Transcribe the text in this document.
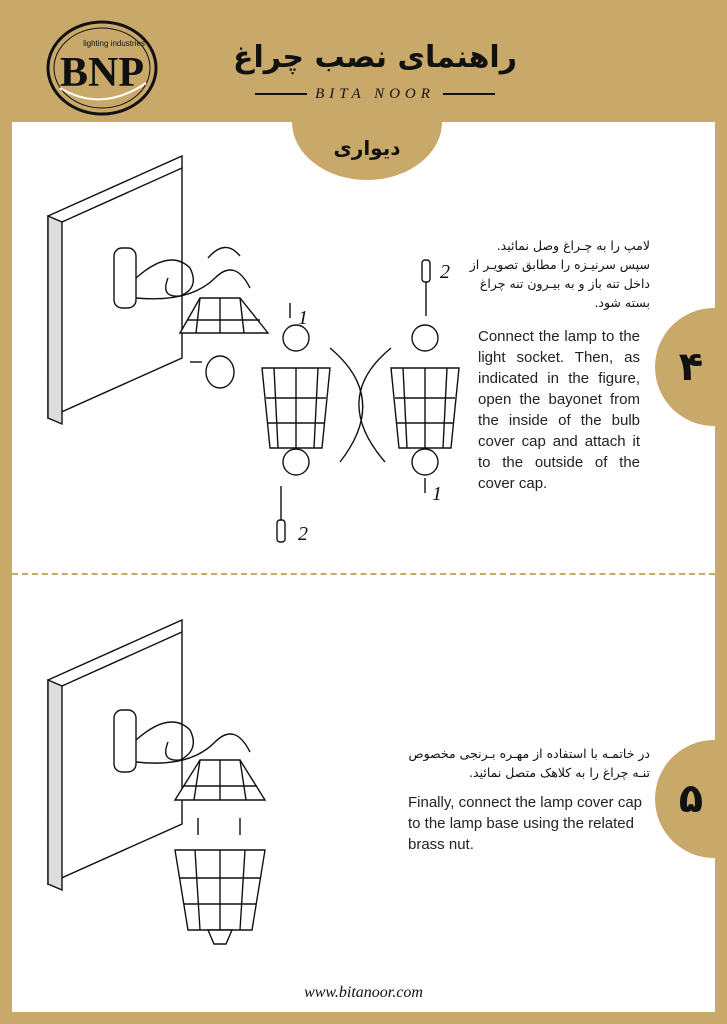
BNP
lighting industries	راهنمای نصب چراغ
BITA NOOR
دیواری
1
2
2
1
لامپ را به چـراغ وصل نمائید.
سپس سرنیـزه را مطابق تصویـر از
داخل تنه باز و به بیـرون تنه چراغ
بسته شود.
Connect the lamp to the light socket. Then, as indicated in the figure, open the bayonet from the inside of the bulb cover cap and attach it to the outside of the cover cap.
۴
در خاتمـه با استفاده از مهـره بـرنجی مخصوص
تنـه چراغ را به کلاهک متصل نمائید.
Finally, connect the lamp cover cap to the lamp base using the related brass nut.
۵
www.bitanoor.com
